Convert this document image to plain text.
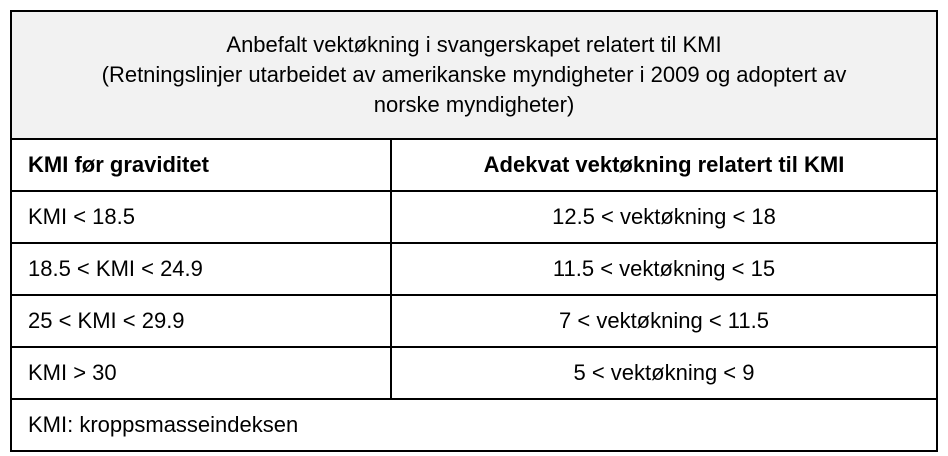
Anbefalt vektøkning i svangerskapet relatert til KMI
(Retningslinjer utarbeidet av amerikanske myndigheter i 2009 og adoptert av
norske myndigheter)	

KMI før graviditet	Adekvat vektøkning relatert til KMI
KMI < 18.5	12.5 < vektøkning < 18
18.5 < KMI < 24.9	11.5 < vektøkning < 15
25 < KMI < 29.9	7 < vektøkning < 11.5
KMI > 30	5 < vektøkning < 9
KMI: kroppsmasseindeksen	
